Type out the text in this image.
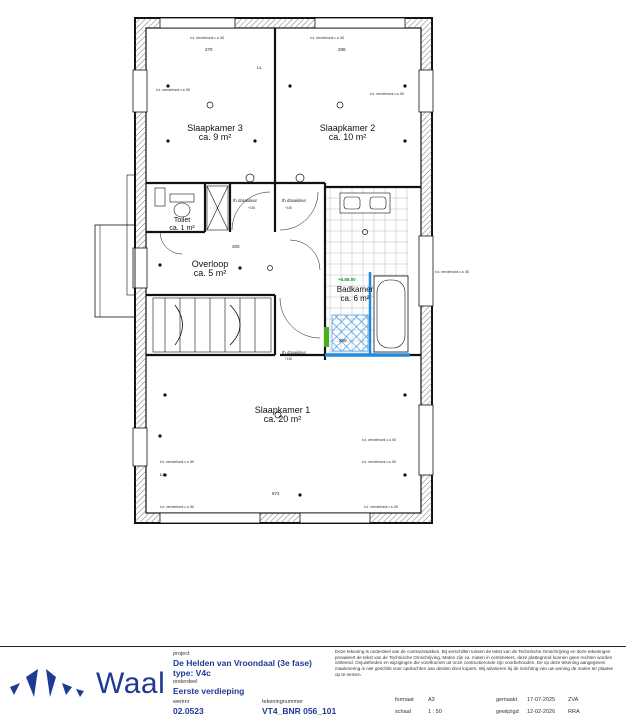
Slaapkamer 3
ca. 9 m²
Slaapkamer 2
ca. 10 m²
Toilet
ca. 1 m²
Overloop
ca. 5 m²
Badkamer
ca. 6 m²
Slaapkamer 1
ca. 20 m²
270	288
572
300
250
LL
LL
th draaideur	th draaideur
th draaideur
+150	+150
+150
+6.88.00
b.k. vensterbank c.a. 88	b.k. vensterbank c.a. 88
b.k. vensterbank c.a. 88
b.k. vensterbank c.a. 88
b.k. vensterbank c.a. 88
b.k. vensterbank c.a. 88
b.k. vensterbank c.a. 88	b.k. vensterbank c.a. 88
b.k. vensterbank c.a. 88	b.k. vensterbank c.a. 88
Waal
project
De Helden van Vroondaal (3e fase)
type: V4c
onderdeel
Eerste verdieping
werknr
02.0523
tekeningnummer
VT4_BNR 056_101
Deze tekening is onderdeel van de contractstukken. Bij verschillen tussen de tekst van de Technische Omschrijving en deze tekeningen prevaleert de tekst van de Technische Omschrijving. Maten zijn ca. maten in centimeters, deze plattegrond kunnen geen rechten worden ontleend. Onjuistheden en wijzigingen die voortkomen uit onze contructieronde zijn voorbehouden. De op deze tekening aangegeven maatvoering is niet geschikt voor opdrachten aan derden door kopers. Wij adviseren bij de inrichting van uw woning de maten ter plaatse op te nemen.
formaat	A3
schaal	1 : 50
gemaakt 17-07-2025 ZVA
gewijzigd 12-02-2026 RRA
